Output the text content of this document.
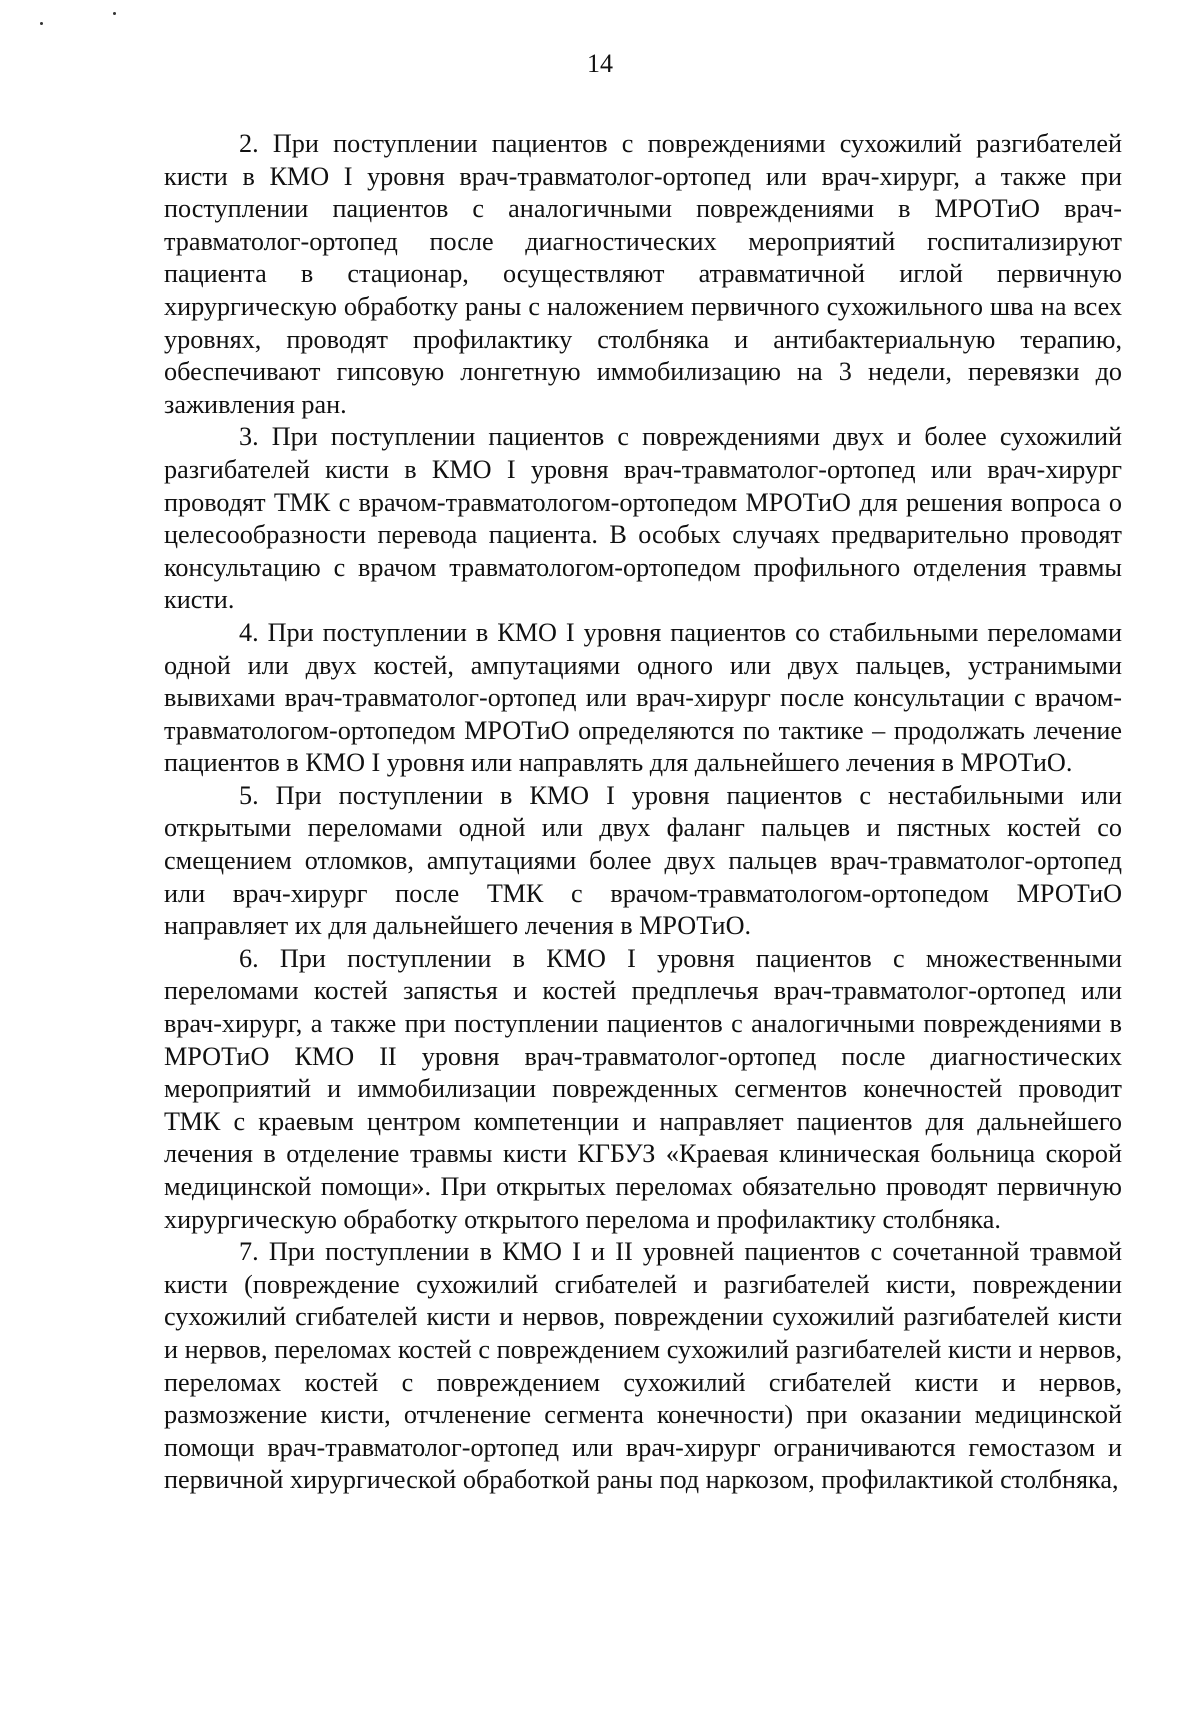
14

2. При поступлении пациентов с повреждениями сухожилий разгибателей кисти в КМО I уровня врач-травматолог-ортопед или врач-хирург, а также при поступлении пациентов с аналогичными повреждениями в МРОТиО врач-травматолог-ортопед после диагностических мероприятий госпитализируют пациента в стационар, осуществляют атравматичной иглой первичную хирургическую обработку раны с наложением первичного сухожильного шва на всех уровнях, проводят профилактику столбняка и антибактериальную терапию, обеспечивают гипсовую лонгетную иммобилизацию на 3 недели, перевязки до заживления ран.

3. При поступлении пациентов с повреждениями двух и более сухожилий разгибателей кисти в КМО I уровня врач-травматолог-ортопед или врач-хирург проводят ТМК с врачом-травматологом-ортопедом МРОТиО для решения вопроса о целесообразности перевода пациента. В особых случаях предварительно проводят консультацию с врачом травматологом-ортопедом профильного отделения травмы кисти.

4. При поступлении в КМО I уровня пациентов со стабильными переломами одной или двух костей, ампутациями одного или двух пальцев, устранимыми вывихами врач-травматолог-ортопед или врач-хирург после консультации с врачом-травматологом-ортопедом МРОТиО определяются по тактике – продолжать лечение пациентов в КМО I уровня или направлять для дальнейшего лечения в МРОТиО.

5. При поступлении в КМО I уровня пациентов с нестабильными или открытыми переломами одной или двух фаланг пальцев и пястных костей со смещением отломков, ампутациями более двух пальцев врач-травматолог-ортопед или врач-хирург после ТМК с врачом-травматологом-ортопедом МРОТиО направляет их для дальнейшего лечения в МРОТиО.

6. При поступлении в КМО I уровня пациентов с множественными переломами костей запястья и костей предплечья врач-травматолог-ортопед или врач-хирург, а также при поступлении пациентов с аналогичными повреждениями в МРОТиО КМО II уровня врач-травматолог-ортопед после диагностических мероприятий и иммобилизации поврежденных сегментов конечностей проводит ТМК с краевым центром компетенции и направляет пациентов для дальнейшего лечения в отделение травмы кисти КГБУЗ «Краевая клиническая больница скорой медицинской помощи». При открытых переломах обязательно проводят первичную хирургическую обработку открытого перелома и профилактику столбняка.

7. При поступлении в КМО I и II уровней пациентов с сочетанной травмой кисти (повреждение сухожилий сгибателей и разгибателей кисти, повреждении сухожилий сгибателей кисти и нервов, повреждении сухожилий разгибателей кисти и нервов, переломах костей с повреждением сухожилий разгибателей кисти и нервов, переломах костей с повреждением сухожилий сгибателей кисти и нервов, размозжение кисти, отчленение сегмента конечности) при оказании медицинской помощи врач-травматолог-ортопед или врач-хирург ограничиваются гемостазом и первичной хирургической обработкой раны под наркозом, профилактикой столбняка,
